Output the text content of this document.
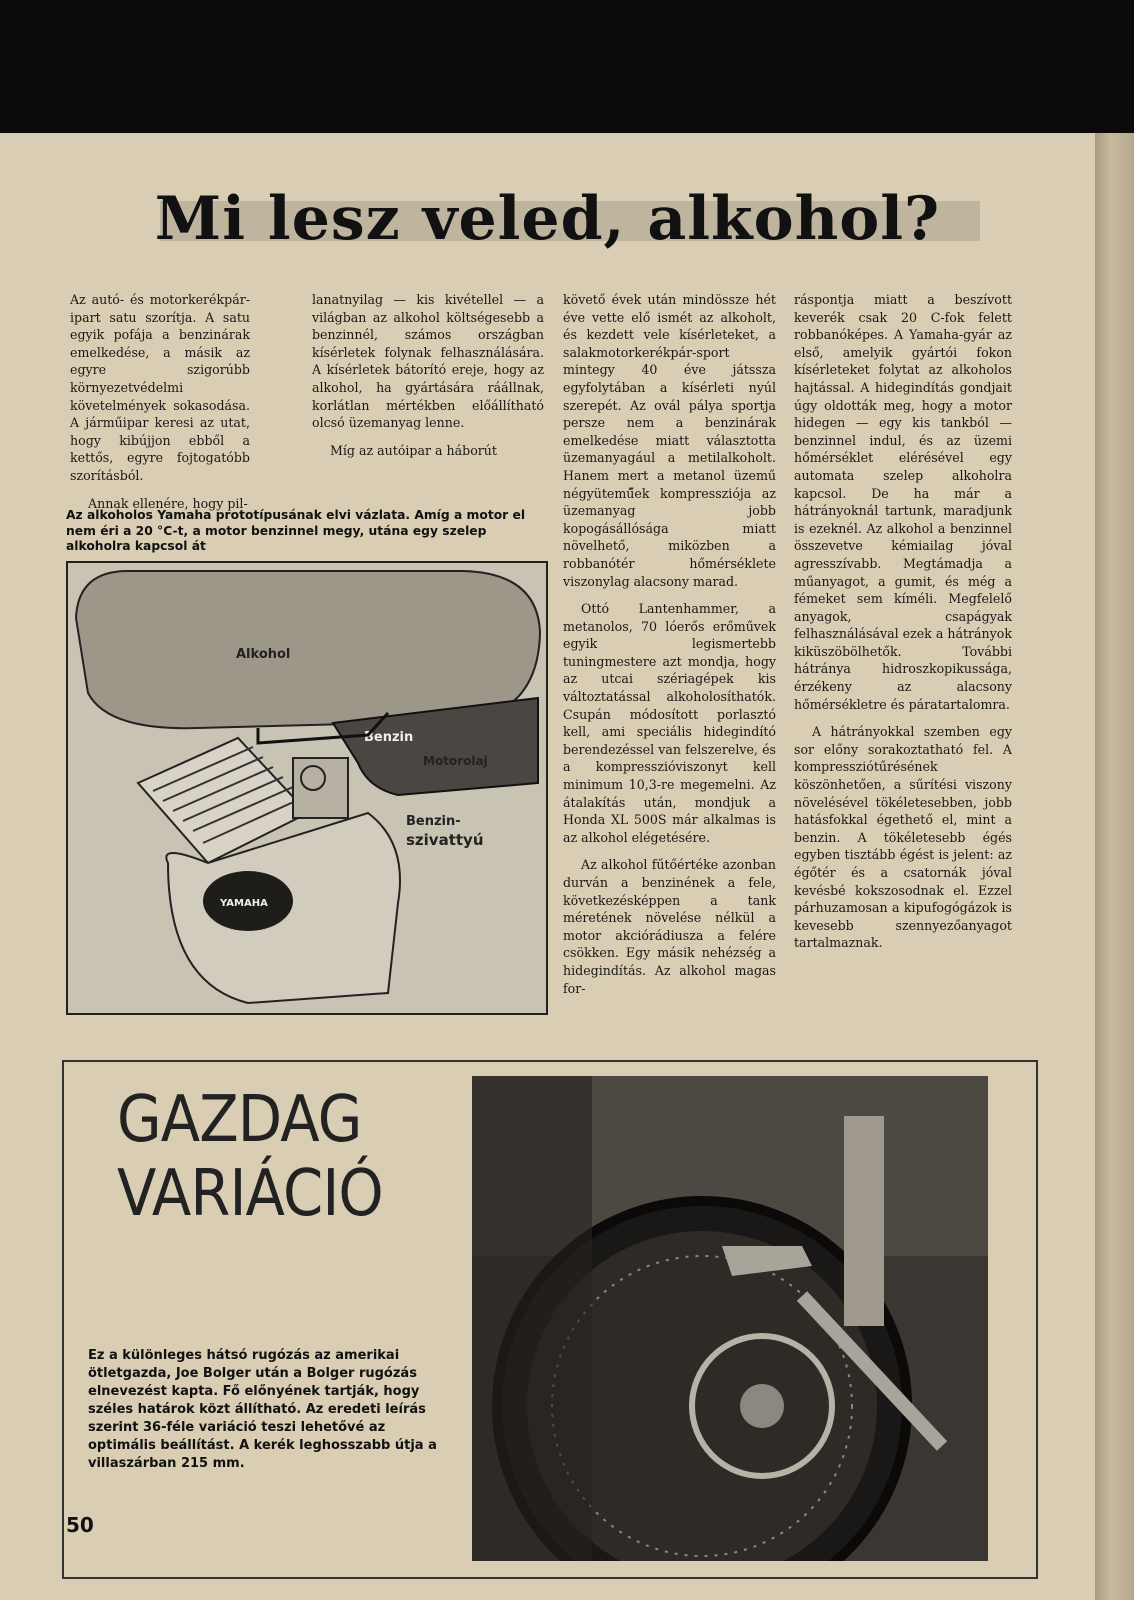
Mi lesz veled, alkohol?

Az autó- és motorkerékpár-ipart satu szorítja. A satu egyik pofája a benzinárak emelkedése, a másik az egyre szigorúbb környezetvédelmi követelmények sokasodása. A járműipar keresi az utat, hogy kibújjon ebből a kettős, egyre fojtogatóbb szorításból.

Annak ellenére, hogy pil-

lanatnyilag — kis kivétellel — a világban az alkohol költségesebb a benzinnél, számos országban kísérletek folynak felhasználására. A kísérletek bátorító ereje, hogy az alkohol, ha gyártására ráállnak, korlátlan mértékben előállítható olcsó üzemanyag lenne.

Míg az autóipar a háborút

követő évek után mindössze hét éve vette elő ismét az alkoholt, és kezdett vele kísérleteket, a salakmotorkerékpár-sport mintegy 40 éve játssza egyfolytában a kísérleti nyúl szerepét. Az ovál pálya sportja persze nem a benzinárak emelkedése miatt választotta üzemanyagául a metilalkoholt. Hanem mert a metanol üzemű négyütemű̋ek kompressziója az üzemanyag jobb kopogásállósága miatt növelhető, miközben a robbanótér hőmérséklete viszonylag alacsony marad.

Ottó Lantenhammer, a metanolos, 70 lóerős erőművek egyik legismertebb tuningmestere azt mondja, hogy az utcai szériagépek kis változtatással alkoholosíthatók. Csupán módosított porlasztó kell, ami speciális hidegindító berendezéssel van felszerelve, és a kompresszióviszonyt kell minimum 10,3-re megemelni. Az átalakítás után, mondjuk a Honda XL 500S már alkalmas is az alkohol elégetésére.

Az alkohol fűtőértéke azonban durván a benzinének a fele, következésképpen a tank méretének növelése nélkül a motor akciórádiusza a felére csökken. Egy másik nehézség a hidegindítás. Az alkohol magas for-

ráspontja miatt a beszívott keverék csak 20 C-fok felett robbanóképes. A Yamaha-gyár az első, amelyik gyártói fokon kísérleteket folytat az alkoholos hajtással. A hidegindítás gondjait úgy oldották meg, hogy a motor hidegen — egy kis tankból — benzinnel indul, és az üzemi hőmérséklet elérésével egy automata szelep alkoholra kapcsol. De ha már a hátrányoknál tartunk, maradjunk is ezeknél. Az alkohol a benzinnel összevetve kémiailag jóval agresszívabb. Megtámadja a műanyagot, a gumit, és még a fémeket sem kíméli. Megfelelő anyagok, csapágyak felhasználásával ezek a hátrányok kiküszöbölhetők. További hátránya hidroszkopikussága, érzékeny az alacsony hőmérsékletre és páratartalomra.

A hátrányokkal szemben egy sor előny sorakoztatható fel. A kompressziótűrésének köszönhetően, a sűrítési viszony növelésével tökéletesebben, jobb hatásfokkal égethető el, mint a benzin. A tökéletesebb égés egyben tisztább égést is jelent: az égőtér és a csatornák jóval kevésbé kokszosodnak el. Ezzel párhuzamosan a kipufogógázok is kevesebb szennyezőanyagot tartalmaznak.

Az alkoholos Yamaha prototípusának elvi vázlata. Amíg a motor el nem éri a 20 °C-t, a motor benzinnel megy, utána egy szelep alkoholra kapcsol át
Alkohol
Benzin
Motorolaj
YAMAHA
Benzin-
szivattyú
GAZDAG
VARIÁCIÓ
Ez a különleges hátsó rugózás az amerikai ötletgazda, Joe Bolger után a Bolger rugózás elnevezést kapta. Fő előnyének tartják, hogy széles határok közt állítható. Az eredeti leírás szerint 36-féle variáció teszi lehetővé az optimális beállítást. A kerék leghosszabb útja a villaszárban 215 mm.
50
